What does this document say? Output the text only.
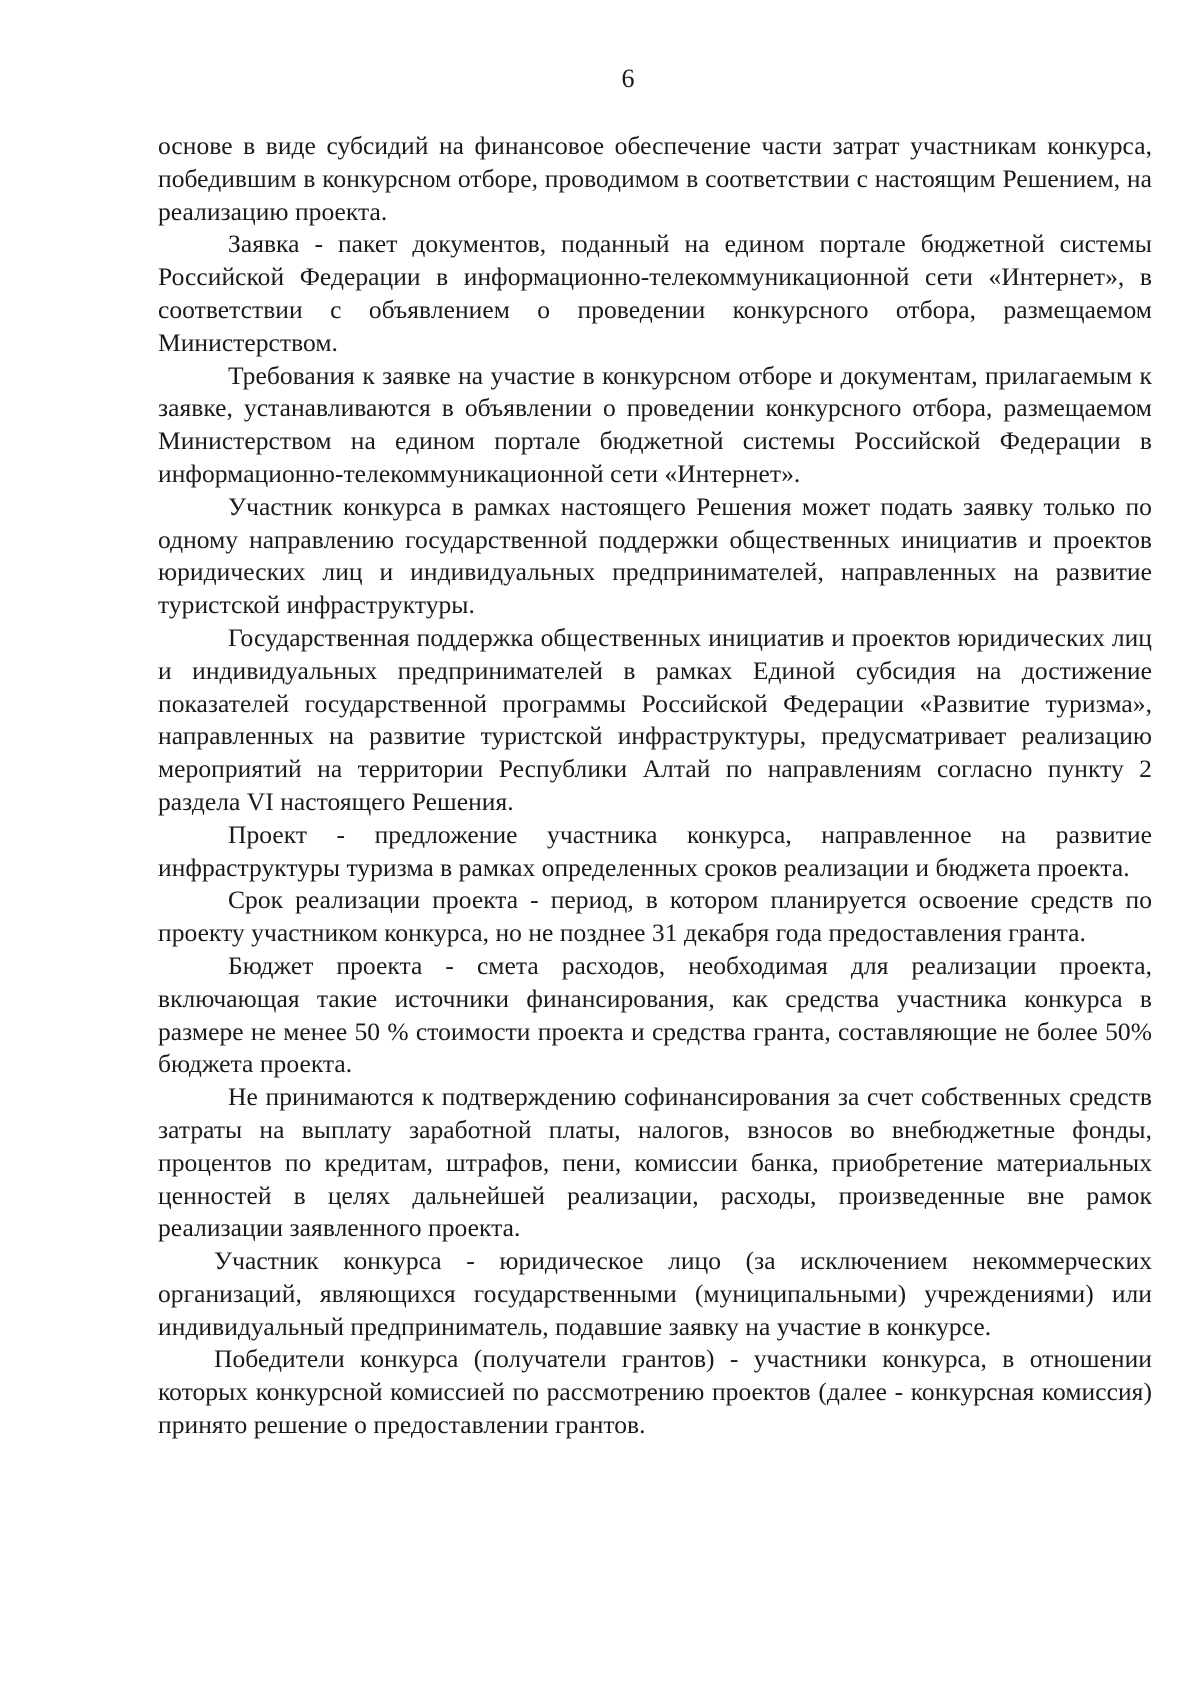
6

основе в виде субсидий на финансовое обеспечение части затрат участникам конкурса, победившим в конкурсном отборе, проводимом в соответствии с настоящим Решением, на реализацию проекта.

Заявка - пакет документов, поданный на едином портале бюджетной системы Российской Федерации в информационно-телекоммуникационной сети «Интернет», в соответствии с объявлением о проведении конкурсного отбора, размещаемом Министерством.

Требования к заявке на участие в конкурсном отборе и документам, прилагаемым к заявке, устанавливаются в объявлении о проведении конкурсного отбора, размещаемом Министерством на едином портале бюджетной системы Российской Федерации в информационно-телекоммуникационной сети «Интернет».

Участник конкурса в рамках настоящего Решения может подать заявку только по одному направлению государственной поддержки общественных инициатив и проектов юридических лиц и индивидуальных предпринимателей, направленных на развитие туристской инфраструктуры.

Государственная поддержка общественных инициатив и проектов юридических лиц и индивидуальных предпринимателей в рамках Единой субсидия на достижение показателей государственной программы Российской Федерации «Развитие туризма», направленных на развитие туристской инфраструктуры, предусматривает реализацию мероприятий на территории Республики Алтай по направлениям согласно пункту 2 раздела VI настоящего Решения.

Проект - предложение участника конкурса, направленное на развитие инфраструктуры туризма в рамках определенных сроков реализации и бюджета проекта.

Срок реализации проекта - период, в котором планируется освоение средств по проекту участником конкурса, но не позднее 31 декабря года предоставления гранта.

Бюджет проекта - смета расходов, необходимая для реализации проекта, включающая такие источники финансирования, как средства участника конкурса в размере не менее 50 % стоимости проекта и средства гранта, составляющие не более 50% бюджета проекта.

Не принимаются к подтверждению софинансирования за счет собственных средств затраты на выплату заработной платы, налогов, взносов во внебюджетные фонды, процентов по кредитам, штрафов, пени, комиссии банка, приобретение материальных ценностей в целях дальнейшей реализации, расходы, произведенные вне рамок реализации заявленного проекта.

Участник конкурса - юридическое лицо (за исключением некоммерческих организаций, являющихся государственными (муниципальными) учреждениями) или индивидуальный предприниматель, подавшие заявку на участие в конкурсе.

Победители конкурса (получатели грантов) - участники конкурса, в отношении которых конкурсной комиссией по рассмотрению проектов (далее - конкурсная комиссия) принято решение о предоставлении грантов.
